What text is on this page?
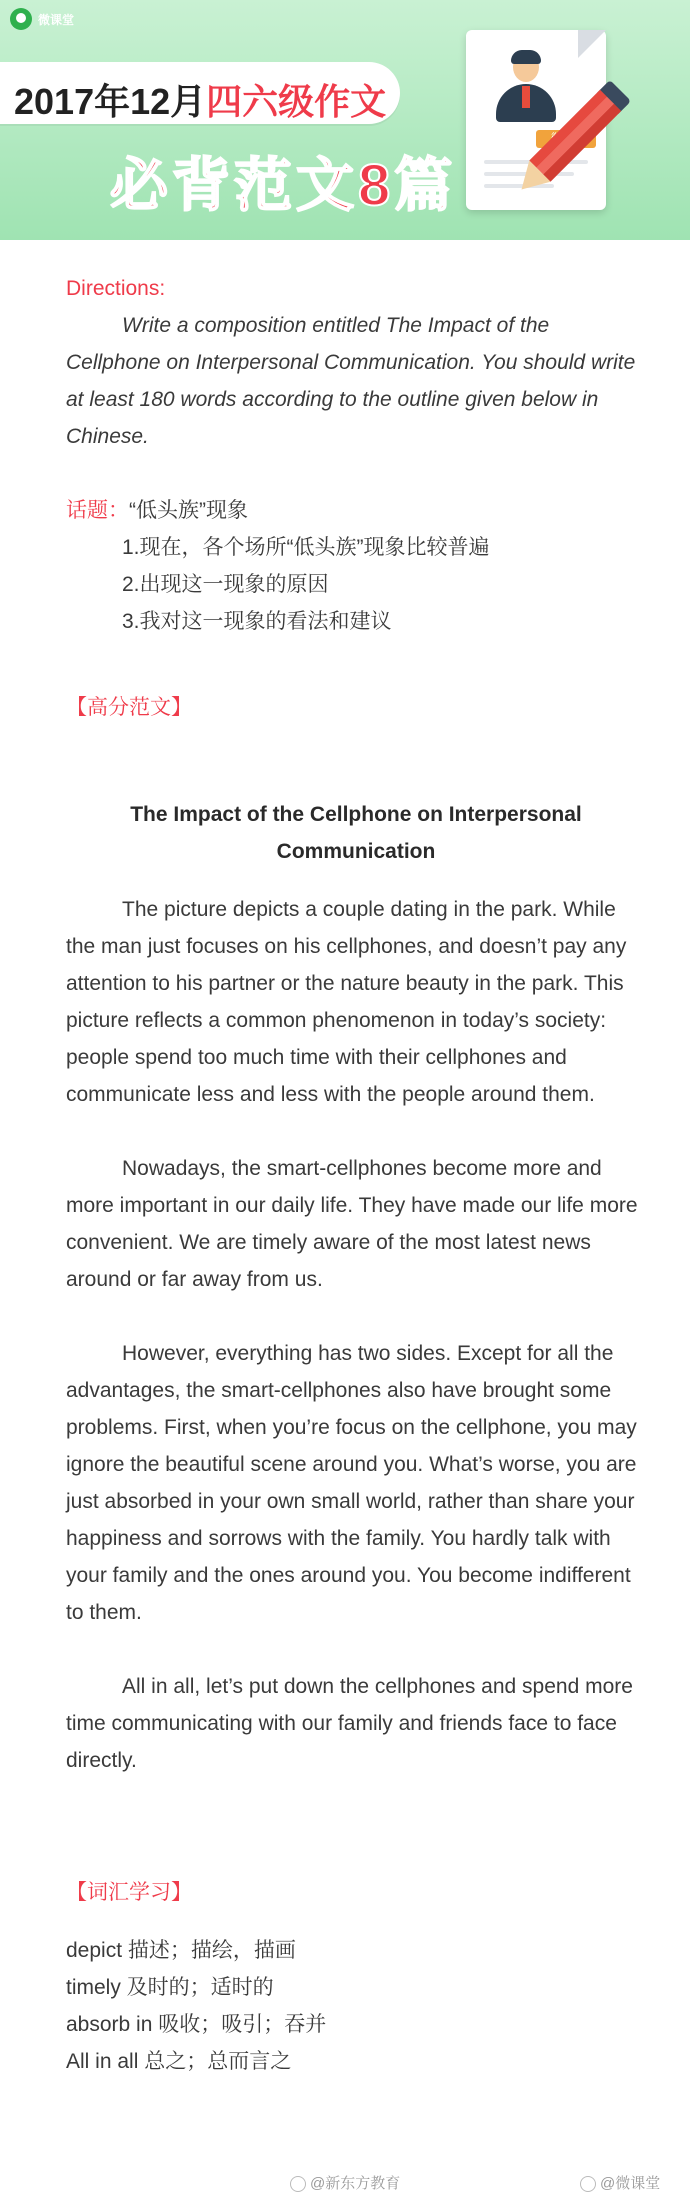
微课堂
2017年12月四六级作文
必背范文8篇

Directions:

Write a composition entitled The Impact of the Cellphone on Interpersonal Communication. You should write at least 180 words according to the outline given below in Chinese.

话题：“低头族”现象

1.现在，各个场所“低头族”现象比较普遍

2.出现这一现象的原因

3.我对这一现象的看法和建议

【高分范文】

The Impact of the Cellphone on Interpersonal Communication

The picture depicts a couple dating in the park. While the man just focuses on his cellphones, and doesn’t pay any attention to his partner or the nature beauty in the park. This picture reflects a common phenomenon in today’s society: people spend too much time with their cellphones and communicate less and less with the people around them.

Nowadays, the smart-cellphones become more and more important in our daily life. They have made our life more convenient. We are timely aware of the most latest news around or far away from us.

However, everything has two sides. Except for all the advantages, the smart-cellphones also have brought some problems. First, when you’re focus on the cellphone, you may ignore the beautiful scene around you. What’s worse, you are just absorbed in your own small world, rather than share your happiness and sorrows with the family. You hardly talk with your family and the ones around you. You become indifferent to them.

All in all, let’s put down the cellphones and spend more time communicating with our family and friends face to face directly.

【词汇学习】

depict 描述；描绘，描画

timely 及时的；适时的

absorb in 吸收；吸引；吞并

All in all 总之；总而言之

@新东方教育	@微课堂
